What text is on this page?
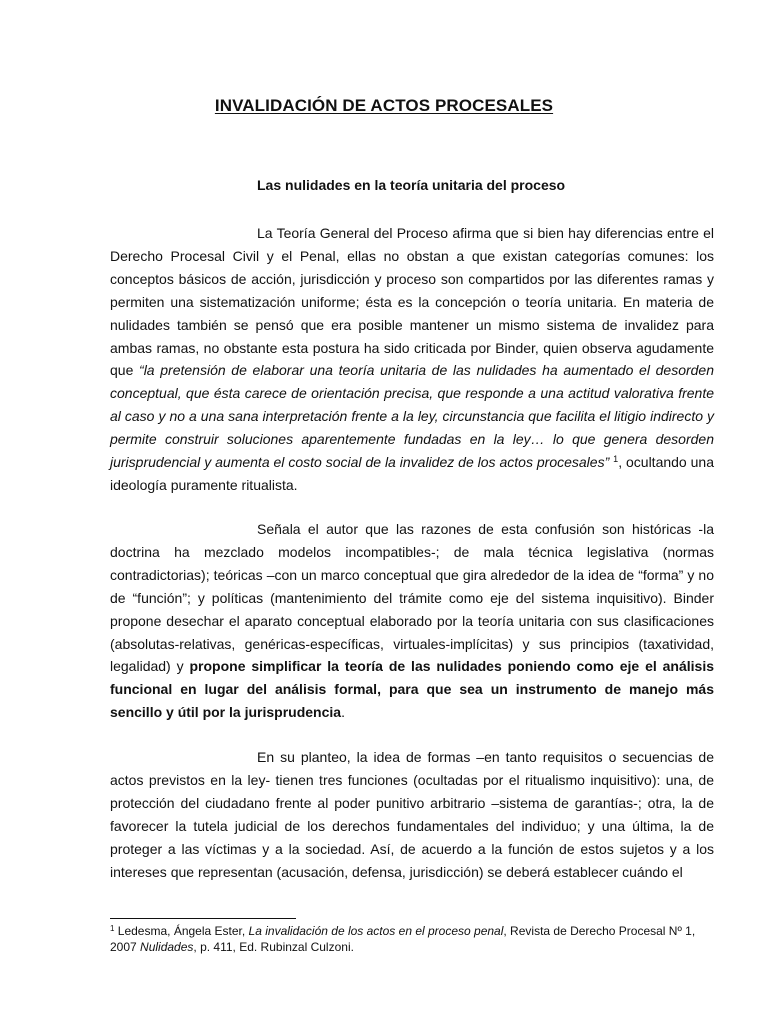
INVALIDACIÓN DE ACTOS PROCESALES
Las nulidades en la teoría unitaria del proceso

La Teoría General del Proceso afirma que si bien hay diferencias entre el Derecho Procesal Civil y el Penal, ellas no obstan a que existan categorías comunes: los conceptos básicos de acción, jurisdicción y proceso son compartidos por las diferentes ramas y permiten una sistematización uniforme; ésta es la concepción o teoría unitaria. En materia de nulidades también se pensó que era posible mantener un mismo sistema de invalidez para ambas ramas, no obstante esta postura ha sido criticada por Binder, quien observa agudamente que “la pretensión de elaborar una teoría unitaria de las nulidades ha aumentado el desorden conceptual, que ésta carece de orientación precisa, que responde a una actitud valorativa frente al caso y no a una sana interpretación frente a la ley, circunstancia que facilita el litigio indirecto y permite construir soluciones aparentemente fundadas en la ley… lo que genera desorden jurisprudencial y aumenta el costo social de la invalidez de los actos procesales” $^1$, ocultando una ideología puramente ritualista.

Señala el autor que las razones de esta confusión son históricas -la doctrina ha mezclado modelos incompatibles-; de mala técnica legislativa (normas contradictorias); teóricas –con un marco conceptual que gira alrededor de la idea de “forma” y no de “función”; y políticas (mantenimiento del trámite como eje del sistema inquisitivo). Binder propone desechar el aparato conceptual elaborado por la teoría unitaria con sus clasificaciones (absolutas-relativas, genéricas-específicas, virtuales-implícitas) y sus principios (taxatividad, legalidad) y propone simplificar la teoría de las nulidades poniendo como eje el análisis funcional en lugar del análisis formal, para que sea un instrumento de manejo más sencillo y útil por la jurisprudencia.

En su planteo, la idea de formas –en tanto requisitos o secuencias de actos previstos en la ley- tienen tres funciones (ocultadas por el ritualismo inquisitivo): una, de protección del ciudadano frente al poder punitivo arbitrario –sistema de garantías-; otra, la de favorecer la tutela judicial de los derechos fundamentales del individuo; y una última, la de proteger a las víctimas y a la sociedad. Así, de acuerdo a la función de estos sujetos y a los intereses que representan (acusación, defensa, jurisdicción) se deberá establecer cuándo el

$^1$ Ledesma, Ángela Ester, La invalidación de los actos en el proceso penal, Revista de Derecho Procesal Nº 1, 2007 Nulidades, p. 411, Ed. Rubinzal Culzoni.
